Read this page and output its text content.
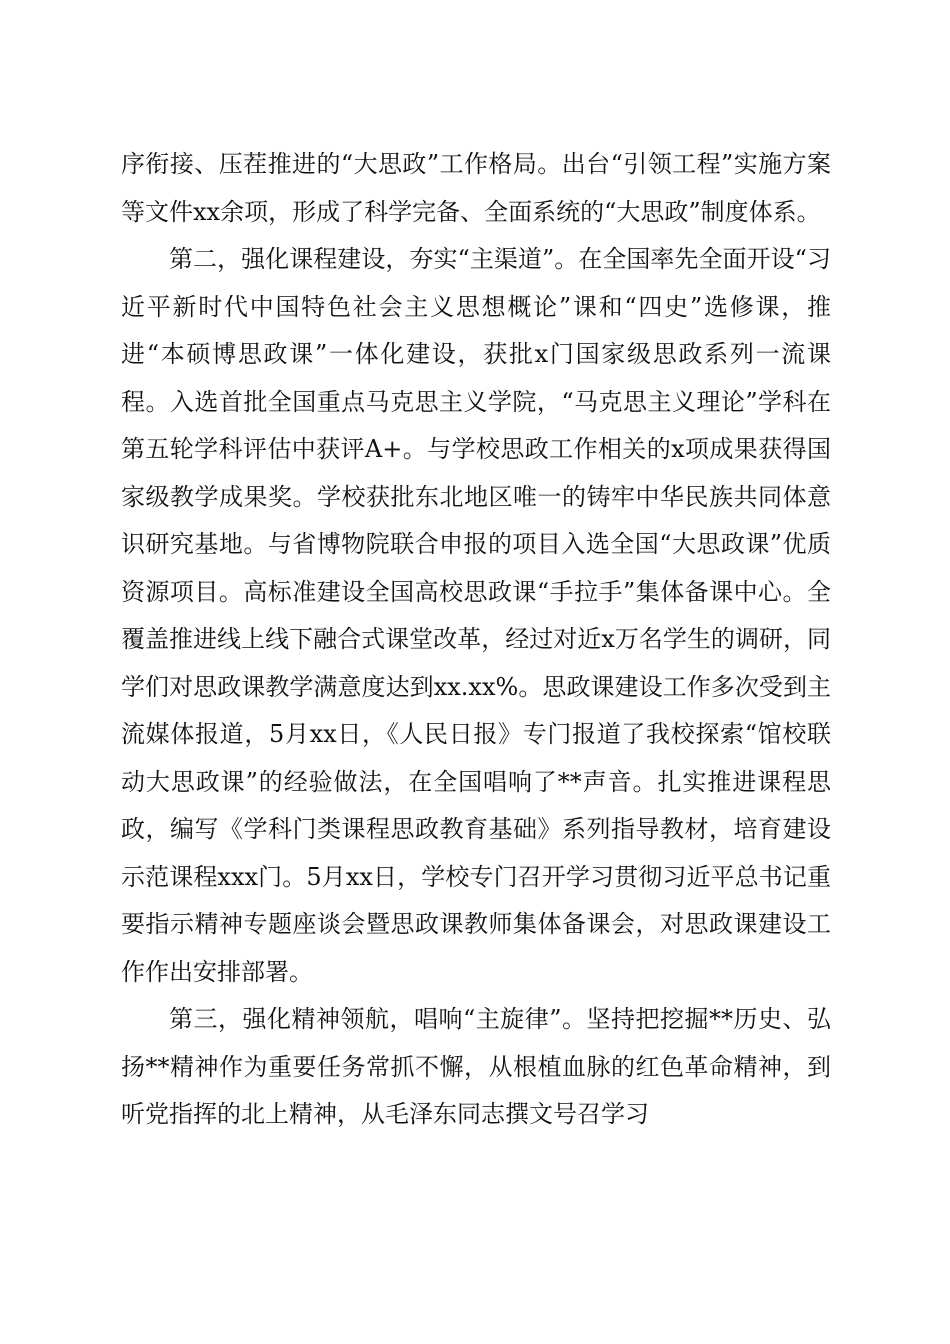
序衔接、压茬推进的“大思政”工作格局。出台“引领工程”实施方案等文件xx余项，形成了科学完备、全面系统的“大思政”制度体系。

第二，强化课程建设，夯实“主渠道”。在全国率先全面开设“习近平新时代中国特色社会主义思想概论”课和“四史”选修课，推进“本硕博思政课”一体化建设，获批x门国家级思政系列一流课程。入选首批全国重点马克思主义学院，“马克思主义理论”学科在第五轮学科评估中获评A+。与学校思政工作相关的x项成果获得国家级教学成果奖。学校获批东北地区唯一的铸牢中华民族共同体意识研究基地。与省博物院联合申报的项目入选全国“大思政课”优质资源项目。高标准建设全国高校思政课“手拉手”集体备课中心。全覆盖推进线上线下融合式课堂改革，经过对近x万名学生的调研，同学们对思政课教学满意度达到xx.xx%。思政课建设工作多次受到主流媒体报道，5月xx日，《人民日报》专门报道了我校探索“馆校联动大思政课”的经验做法，在全国唱响了**声音。扎实推进课程思政，编写《学科门类课程思政教育基础》系列指导教材，培育建设示范课程xxx门。5月xx日，学校专门召开学习贯彻习近平总书记重要指示精神专题座谈会暨思政课教师集体备课会，对思政课建设工作作出安排部署。

第三，强化精神领航，唱响“主旋律”。坚持把挖掘**历史、弘扬**精神作为重要任务常抓不懈，从根植血脉的红色革命精神，到听党指挥的北上精神，从毛泽东同志撰文号召学习
